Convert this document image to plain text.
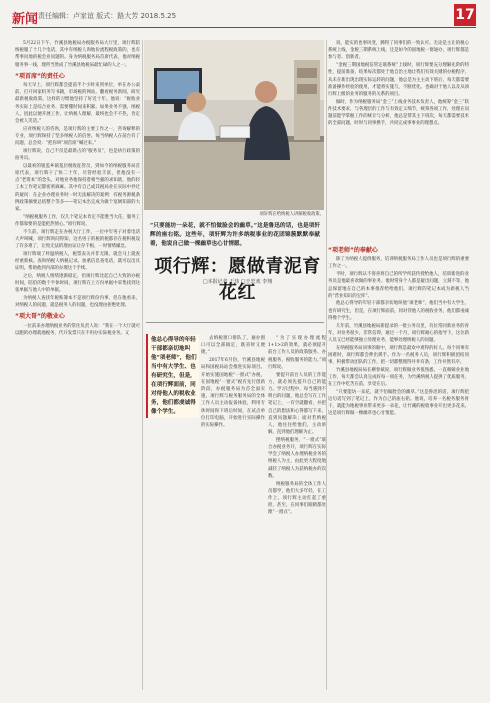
新闻 责任编辑：卢家谊 版式：路大芳 2018.5.25	17

5月22日下午，竹溪县地税局办税服务局大厅里，项行辉陪纳税服了十几个电话，其中有纳税人询地价流程税政策的，也有帮事问地的税会业问题的。身为纳税服务局首席代表，他对纳税服务事一线，理所当然成了竹溪县地税局最忙碌的人之一。

“项首席”的责任心

每天早上，项行辉都会提前半个小时来到单位，单在办公桌前，打开回家机务写书籍，市场税的网站，翻看税务新闻，研究最新税收政策。这样的习惯他坚持了好近十年。他说：“税收业务实际上是综合业务，需要懂时间来积累。如果业务不强，纳税人，因此以便开展工作，让纳税人理解，最终也会不不热，肯定会被人笑话。”

应对纳税人的咨询，是项行辉的主要工作之一，咨询解释的专业，项行辉保持了坚多纳税人的信誉。每当纳税人在前台有了问题，总会说：“把你叫“项首席”喊过来。”

项行辉说，自己不仅是最新占的“服务员”，也是执行政策的拍务员。

以最初的银监乡镇基层税收征管员，到如今的纳税服务局首席代表，项行辉干了快二十年，尽管经验丰富，但他没有一点“老资本”的念头，对地业务他保持着相当强的求知欲，他的轻工本工作笔记都密密麻麻。其中有自己或其税局业在实际中抄过的疑问：在企业办理业务时一时无法解决的案例：有税务源税条例政策摘要总结整个等多——笔记本出完成为做个宽阔知部的大家。

“纳税税服务工作，仅几个笔记本肯定不能胜当大任，服务工作都靠要的是能把热情心。”项行辉说。

不久前，项行辉走在办税大厅工作，一位中年男子对着电话大声叫喊，项行辉询问得知，这名男子的税的税都存在税积税设了许多难了，让致无法的理由证让存千根，一时情绪燥急。

项行辉端了杯温纳税人，税票表关并非无限，就会马上就查经重新核。查询纳税人纳税记录。加重信息查电话，就可以出具证明。帮助他到内部的办理这个手续。

之后，纳税人情绪逐渐稳定，但项行辉比起自己大致的办税时间，陪伯的数个半休时间，项行辉在上万份单据中采集找到这张单据与他人中的单据。

为纳税人查找年税账簿本不是项行辉份内事，但在他看来，对纳税人的问题，就是税务人的问题，也没理由拒绝处理。

“项大哥”的敬业心

一位前来办理纳税业务的常住负责人说：“我在一个大厅就可以跑的办理就地税务，代开发票只在不用办实际税业务。又

项轩辉在给纳税人讲解税收政策。
“只要能坊一朵花，就不怕做脸会的幽草。”这是鲁迅的话，也是项轩辉的座右铭。这些年，项轩辉为许多纳税事业的花团锦簇默默奉献着，他说自己做一棵幽草也心甘情愿。
项行辉：愿做青泥育花红
□本报记者 王玮 □王忠欢 李翔
他总心得导的年轻干部都亲切地叫他“项老师”，他们当中有大学生、也有研究生，但是，在项行辉面前，同对待他人的税收业务，他们都虔诚得像个学生。

去纳税窗口排队了，通办窗口可以全部搞定，既省时又便捷。”

2017年6月份，竹溪县地税局和国税局站会推进实际项目。开始实施国地税“一窗式”办税，在国地税“一窗式”税有先行创新阶段，办税服务局为首全面实施，项行辉与税务服务局的全体工作人员主动报备体验，利用专休时间和下班后时间，在试点单位打印电脑，开始进行实际操作的实际操作。

“为了实现办理流程1+1>2的效果，就必须提升前台工作人员的政策服务、办税服务、税收服务的能力。”项行辉说。

要提升前台人员的工作能力，就必须先提升自己的能力。学习过程中，每当遇到不明白的问题，他总会写在工作笔记上，一有空就翻看，并把自己的想法和心得都写下来，直到问题解决；面对若纳税人，他往往给他们，主动讲解，直到他们理解为止。

摆纳税服务，“一窗式”联合办税业务开，项行辉在实际学会了纳税人办理纳税业务的纳税人为主，由此更大程度地减轻了纳税人为获纳税办的次数。

纳税服务局的全体工作人员都学，他们大多年轻，在工作上，项行辉主动扛起了重担，甚至，在同事们眼睛都处理“一窗式”。

说，能实的也事风变，腾得了同事们的一致认可。无论是主让的税心系统上线，金税三期系统上线，还是如今的国地税一窗通办，项行辉都是参与者、创新者。

“金税三期国地税信管定联系统”上线时，项行辉要充分理解先阶的特性，提前准备，结果每次都处于他自治主地让我们有效关键的办税程序，从未在新出现出现实际运转的问题，他总是为主主动下班后，每天都需要准备操作经验的使用，才能将实施与，不断优化。也确对于他人以及从项行辉上级的业务的服务的关系的项目。

做时，作为纳税服务局“金三”上线业务技术负责人，他统筹“金三”软件技术要求，与各理层的工作与有效定义细节，统筹各项工作，处理在问题前能学掌握工作的统计与分析，他总是帮其主下班次，每天都需要技术的全部问题，时时与同事携手，共同完成事事业的理想点。

“项老师”的奉献心

除了为纳税人提供服务，培训纳税服务局工作人员也是项行辉的重要工作之一。

平时，项行辉认不客喜将自己的所学所获传授给他人，培训新进的业务员是他最喜欢做的事业务。他时常身个人都是疑出问题，立刻不等，他总保留地在自己的本事推荐给给他们。项行辉的笔记本成为新税人当的“营业知识的宝库”。

他总心得导的年轻干部都亲切地叫他“项老师”，他们当中有大学生、也有研究生，但是，在项行辉面前，同对待他人的税收业务，他们都虔诚得像个学生。

几年前，竹溪县地税局新提录的一批公务员里，有位常同新业务的青年，对业务很少，非常信仰，通过一个月，项行辉耐心的指导下，这位新人员又已经能够独立处理业务，能够处理纳税人的问题。

在纳税服务局同事的眼中，项行辉是最欢中难得的好人。每个同事有困难时，项行辉都会伸出援手。作为一名税务人员，项行辉积极团结同事，积极带动团队的工作，把一切都整理得井井有条，工作井然有序。

竹溪县地税局局长柳春斌说，项行辉做业务很熟悉，一直兢兢业业地工作，每天都会认真完成好每一项任务，为竹溪纳税人提供了优质服务，在工作中吃苦在前，享受在后。

“只要能坊一朵花，就不怕做脸会的幽草。”这是鲁迅的话，项行辉把这句话写到了笔记上，作为自己的座右铭。他说，培养一名税务服务骨干，就能为地税事业带来更多一朵花，让竹溪的税收事业开出更多花来。这是项行辉做一棵幽草也心甘情愿。
